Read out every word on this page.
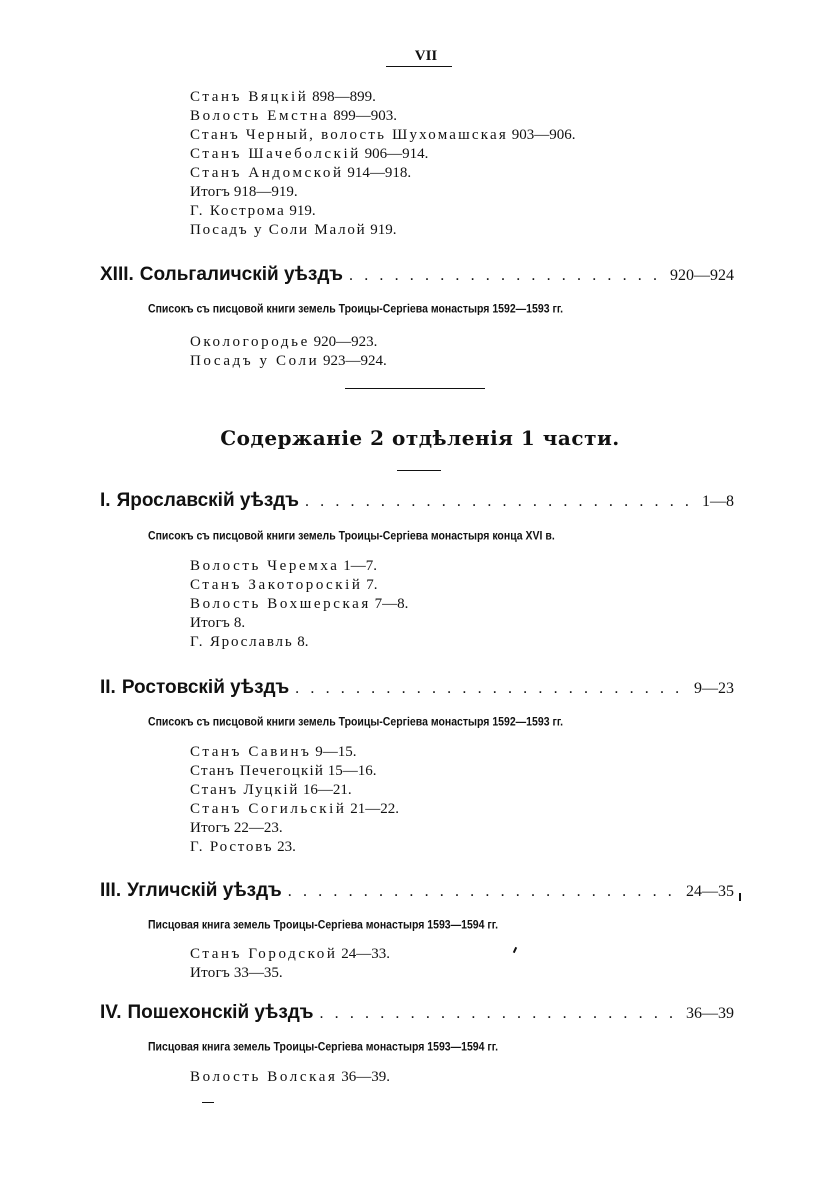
VII
Станъ Вяцкій 898—899.
Волость Емстна 899—903.
Станъ Черный, волость Шухомашская 903—906.
Станъ Шачеболскій 906—914.
Станъ Андомской 914—918.
Итогъ 918—919.
Г. Кострома 919.
Посадъ у Соли Малой 919.
XIII. Сольгаличскій уѣздъ . . .	920—924
Списокъ съ писцовой книги земель Троицы-Сергіева монастыря 1592—1593 гг.
Окологородье 920—923.
Посадъ у Соли 923—924.
Содержаніе 2 отдѣленія 1 части.
I. Ярославскій уѣздъ . . .	1—8
Списокъ съ писцовой книги земель Троицы-Сергіева монастыря конца XVI в.
Волость Черемха 1—7.
Станъ Закоторoскій 7.
Волость Вохшерская 7—8.
Итогъ 8.
Г. Ярославль 8.
II. Ростовскій уѣздъ . . .	9—23
Списокъ съ писцовой книги земель Троицы-Сергіева монастыря 1592—1593 гг.
Станъ Савинъ 9—15.
Станъ Печегоцкій 15—16.
Станъ Луцкій 16—21.
Станъ Согильскій 21—22.
Итогъ 22—23.
Г. Ростовъ 23.
III. Угличскій уѣздъ . . .	24—35
Писцовая книга земель Троицы-Сергіева монастыря 1593—1594 гг.
Станъ Городской 24—33.
Итогъ 33—35.
IV. Пошехонскій уѣздъ . . .	36—39
Писцовая книга земель Троицы-Сергіева монастыря 1593—1594 гг.
Волость Волская 36—39.
